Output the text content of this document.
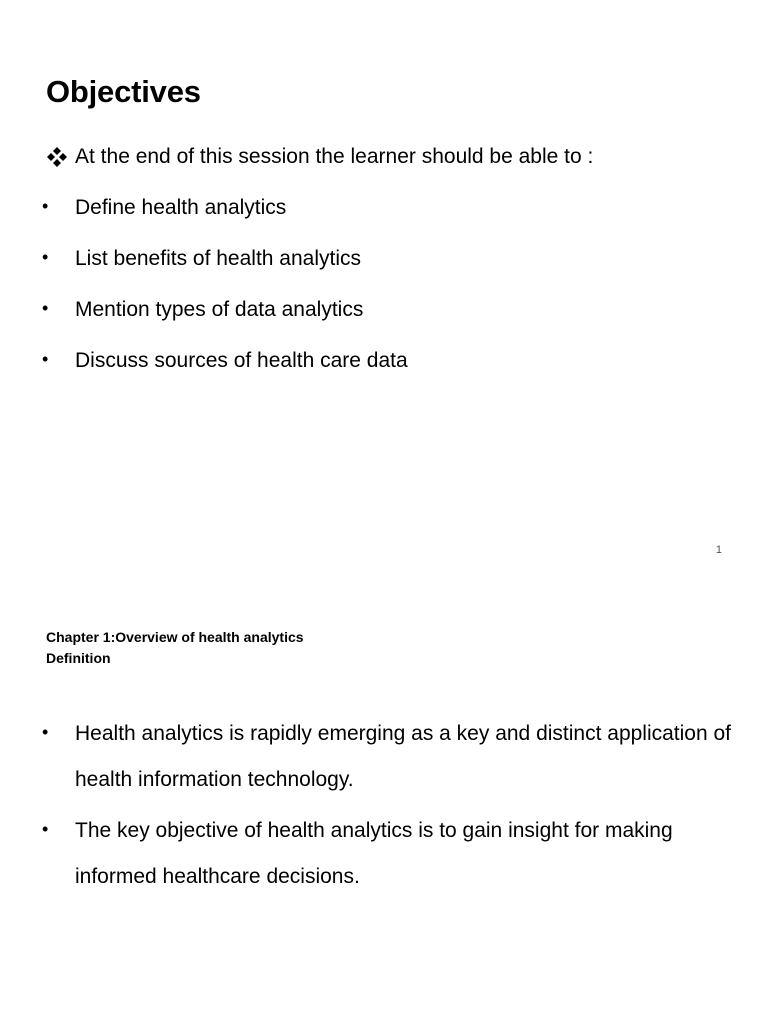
Objectives
At the end of this session the learner should be able to :
• Define health analytics
• List benefits of health analytics
• Mention types of data analytics
• Discuss sources of health care data
1
Chapter 1:Overview of health analytics
Definition
• Health analytics is rapidly emerging as a key and distinct application of health information technology.
• The key objective of health analytics is to gain insight for making informed healthcare decisions.
